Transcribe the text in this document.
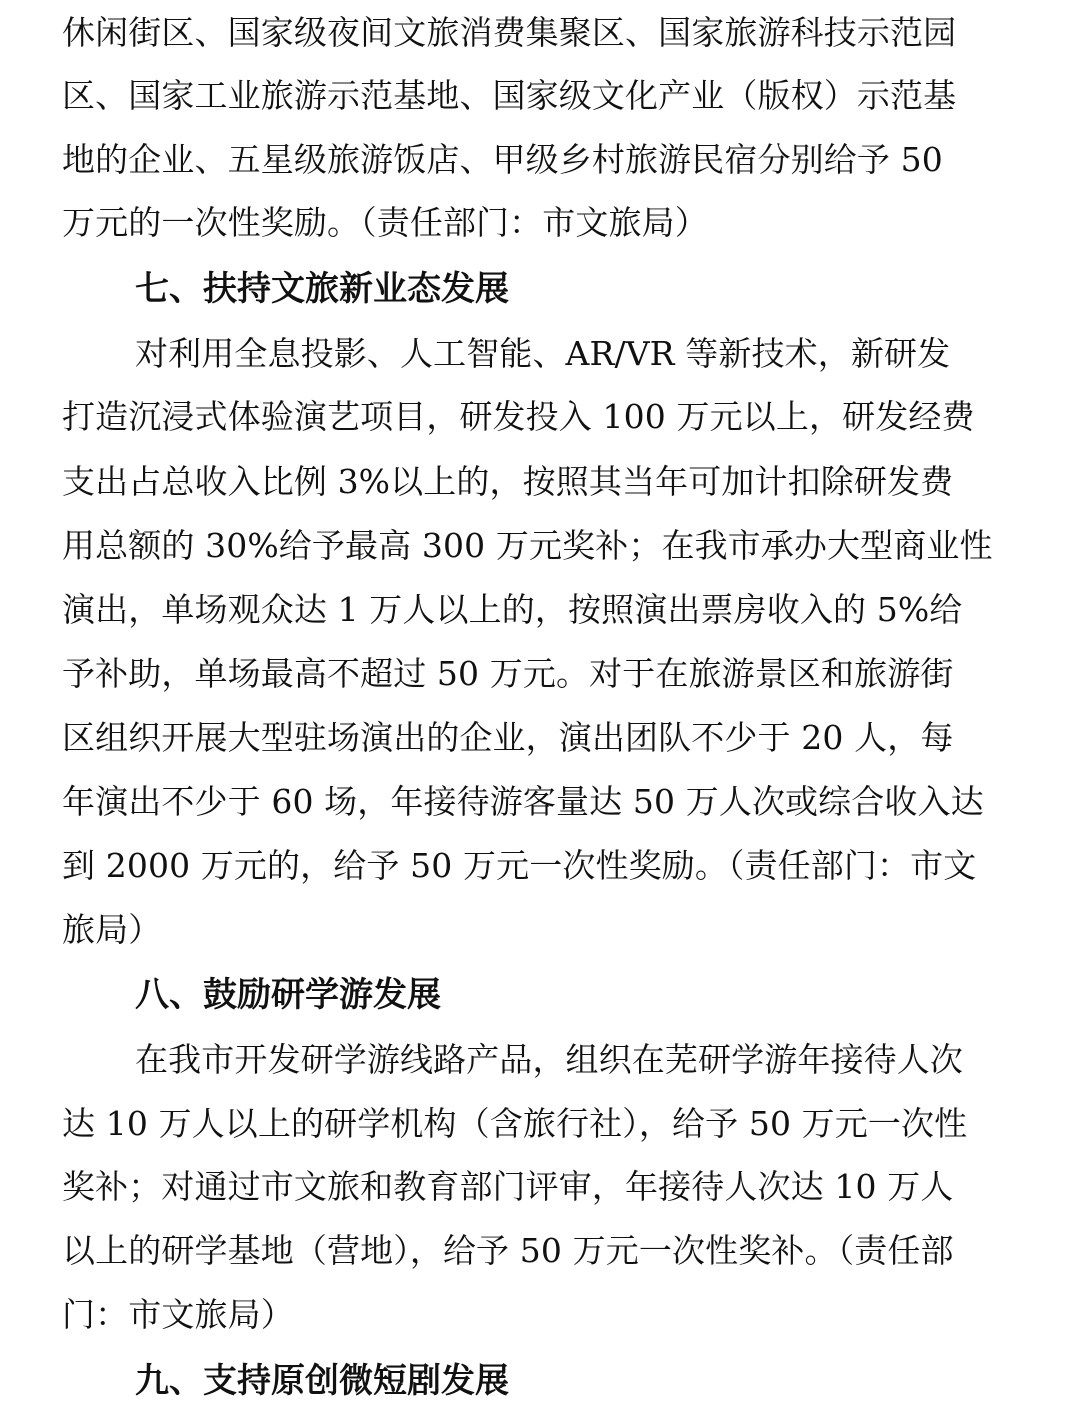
休闲街区、国家级夜间文旅消费集聚区、国家旅游科技示范园
区、国家工业旅游示范基地、国家级文化产业（版权）示范基
地的企业、五星级旅游饭店、甲级乡村旅游民宿分别给予 50
万元的一次性奖励。（责任部门：市文旅局）
七、扶持文旅新业态发展
对利用全息投影、人工智能、AR/VR 等新技术，新研发
打造沉浸式体验演艺项目，研发投入 100 万元以上，研发经费
支出占总收入比例 3%以上的，按照其当年可加计扣除研发费
用总额的 30%给予最高 300 万元奖补；在我市承办大型商业性
演出，单场观众达 1 万人以上的，按照演出票房收入的 5%给
予补助，单场最高不超过 50 万元。对于在旅游景区和旅游街
区组织开展大型驻场演出的企业，演出团队不少于 20 人，每
年演出不少于 60 场，年接待游客量达 50 万人次或综合收入达
到 2000 万元的，给予 50 万元一次性奖励。（责任部门：市文
旅局）
八、鼓励研学游发展
在我市开发研学游线路产品，组织在芜研学游年接待人次
达 10 万人以上的研学机构（含旅行社），给予 50 万元一次性
奖补；对通过市文旅和教育部门评审，年接待人次达 10 万人
以上的研学基地（营地），给予 50 万元一次性奖补。（责任部
门：市文旅局）
九、支持原创微短剧发展
